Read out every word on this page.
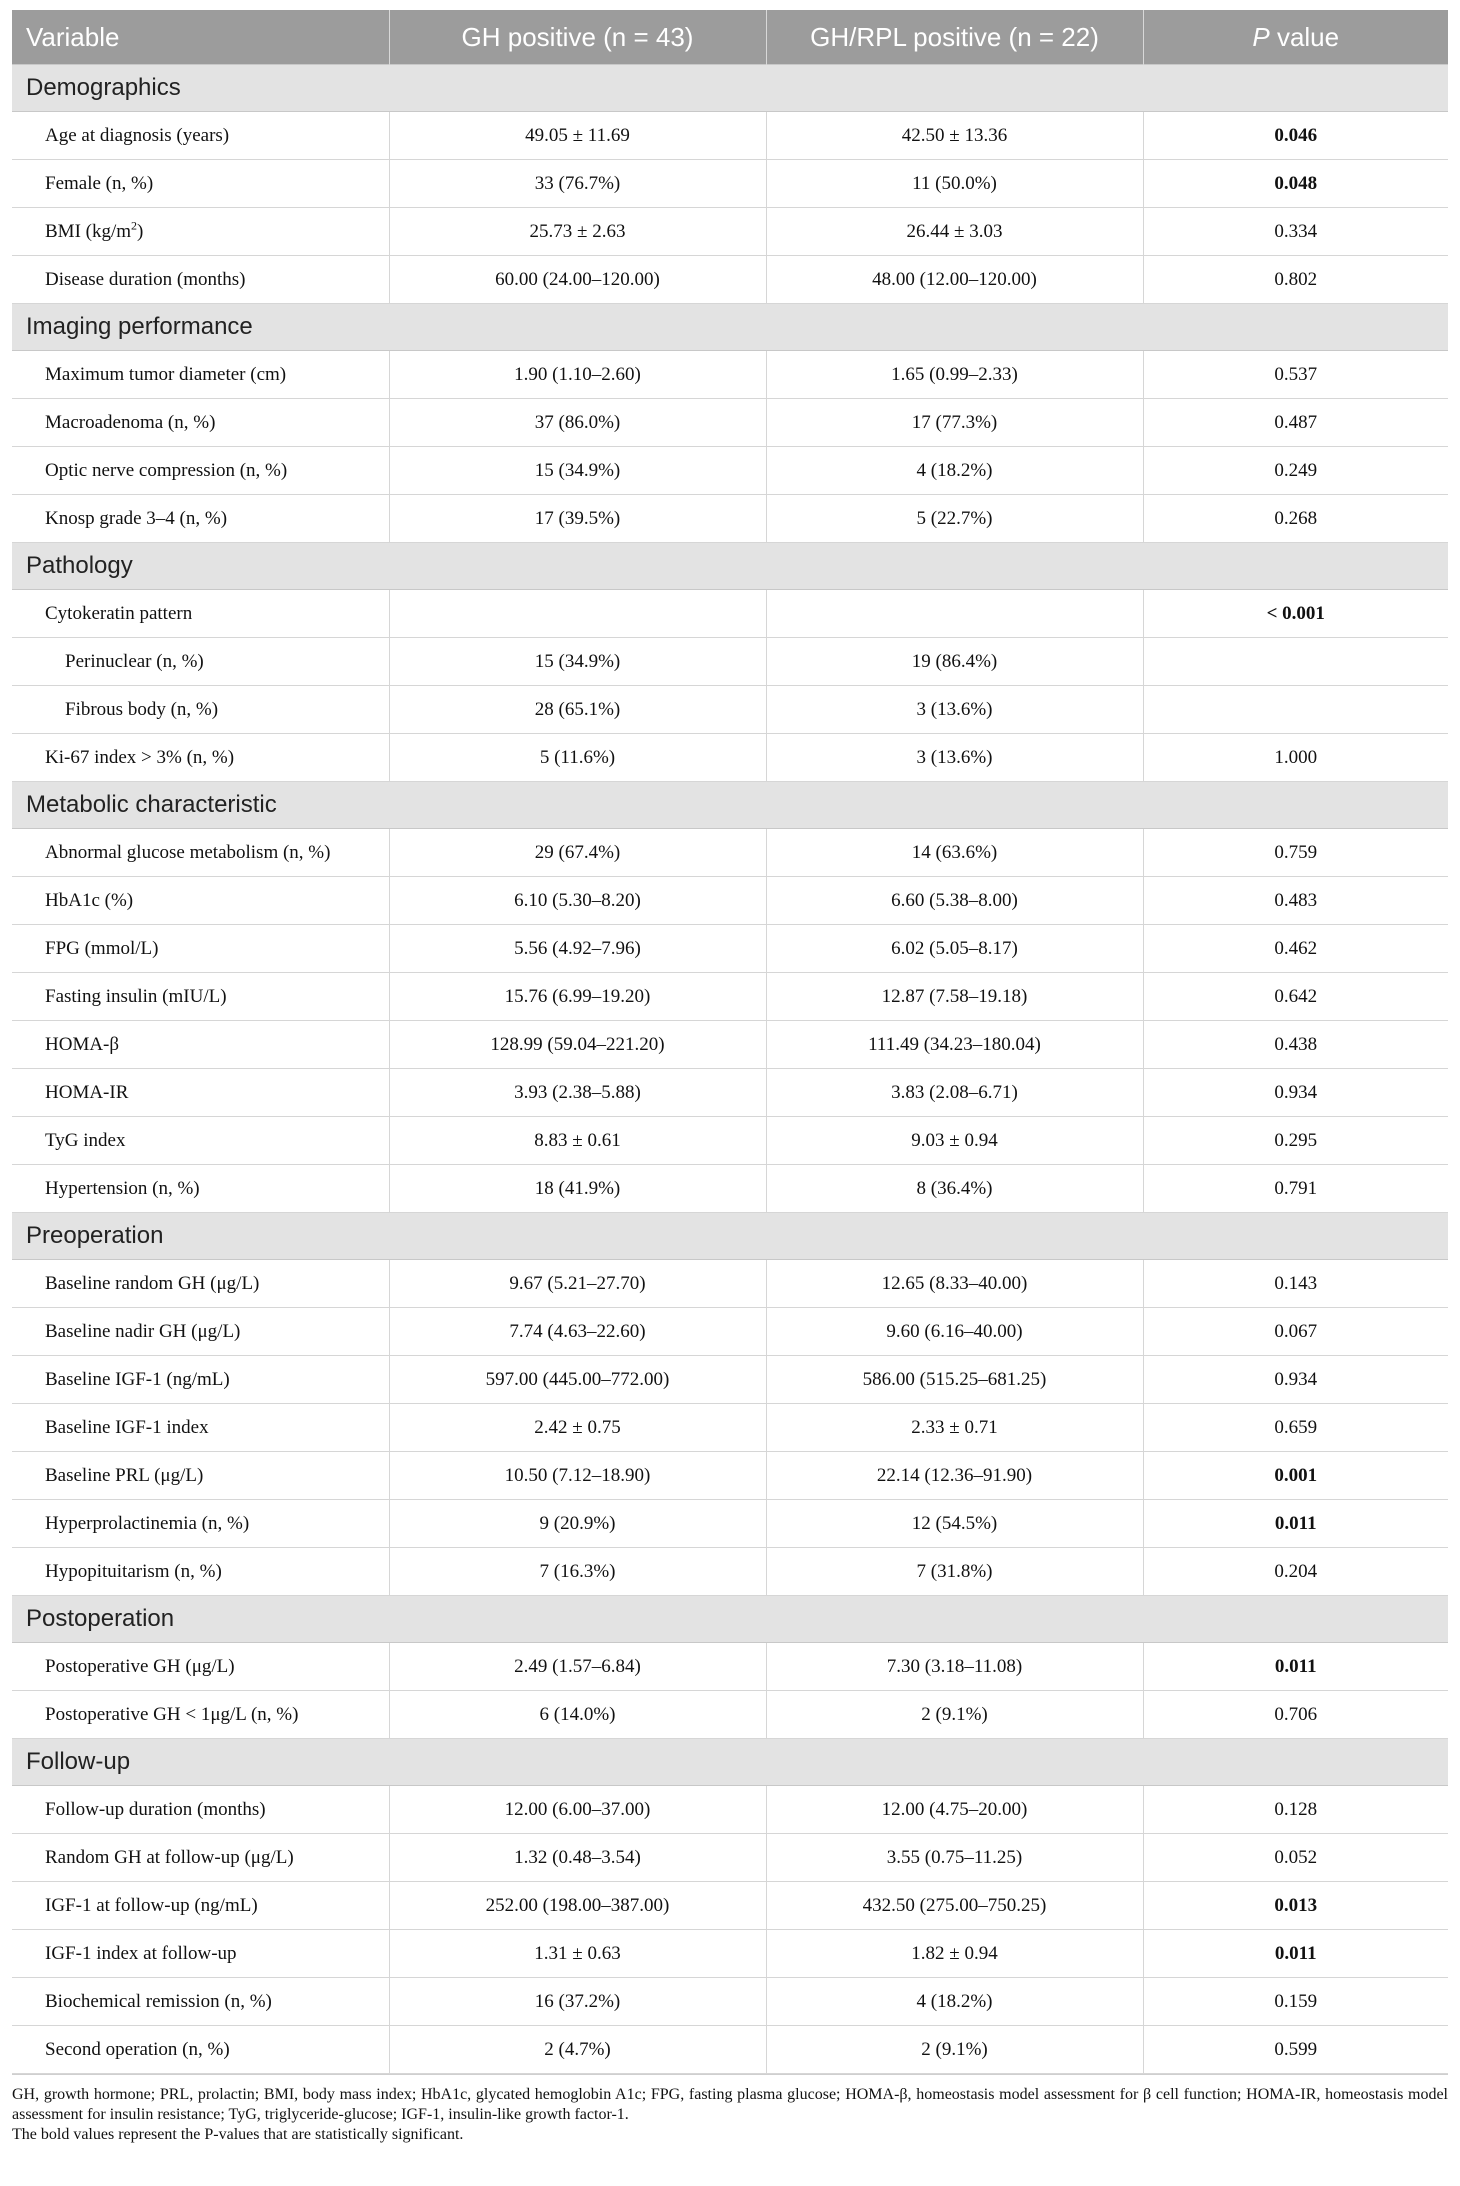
Variable	GH positive (n = 43)	GH/RPL positive (n = 22)	P value
Demographics			
Age at diagnosis (years)	49.05 ± 11.69	42.50 ± 13.36	0.046
Female (n, %)	33 (76.7%)	11 (50.0%)	0.048
BMI $(kg/m^2)$	25.73 ± 2.63	26.44 ± 3.03	0.334
Disease duration (months)	60.00 (24.00–120.00)	48.00 (12.00–120.00)	0.802
Imaging performance			
Maximum tumor diameter (cm)	1.90 (1.10–2.60)	1.65 (0.99–2.33)	0.537
Macroadenoma (n, %)	37 (86.0%)	17 (77.3%)	0.487
Optic nerve compression (n, %)	15 (34.9%)	4 (18.2%)	0.249
Knosp grade 3–4 (n, %)	17 (39.5%)	5 (22.7%)	0.268
Pathology			
Cytokeratin pattern			< 0.001
Perinuclear (n, %)	15 (34.9%)	19 (86.4%)	
Fibrous body (n, %)	28 (65.1%)	3 (13.6%)	
Ki-67 index > 3% (n, %)	5 (11.6%)	3 (13.6%)	1.000
Metabolic characteristic			
Abnormal glucose metabolism (n, %)	29 (67.4%)	14 (63.6%)	0.759
HbA1c (%)	6.10 (5.30–8.20)	6.60 (5.38–8.00)	0.483
FPG (mmol/L)	5.56 (4.92–7.96)	6.02 (5.05–8.17)	0.462
Fasting insulin (mIU/L)	15.76 (6.99–19.20)	12.87 (7.58–19.18)	0.642
HOMA-β	128.99 (59.04–221.20)	111.49 (34.23–180.04)	0.438
HOMA-IR	3.93 (2.38–5.88)	3.83 (2.08–6.71)	0.934
TyG index	8.83 ± 0.61	9.03 ± 0.94	0.295
Hypertension (n, %)	18 (41.9%)	8 (36.4%)	0.791
Preoperation			
Baseline random GH (μg/L)	9.67 (5.21–27.70)	12.65 (8.33–40.00)	0.143
Baseline nadir GH (μg/L)	7.74 (4.63–22.60)	9.60 (6.16–40.00)	0.067
Baseline IGF-1 (ng/mL)	597.00 (445.00–772.00)	586.00 (515.25–681.25)	0.934
Baseline IGF-1 index	2.42 ± 0.75	2.33 ± 0.71	0.659
Baseline PRL (μg/L)	10.50 (7.12–18.90)	22.14 (12.36–91.90)	0.001
Hyperprolactinemia (n, %)	9 (20.9%)	12 (54.5%)	0.011
Hypopituitarism (n, %)	7 (16.3%)	7 (31.8%)	0.204
Postoperation			
Postoperative GH (μg/L)	2.49 (1.57–6.84)	7.30 (3.18–11.08)	0.011
Postoperative GH < 1μg/L (n, %)	6 (14.0%)	2 (9.1%)	0.706
Follow-up			
Follow-up duration (months)	12.00 (6.00–37.00)	12.00 (4.75–20.00)	0.128
Random GH at follow-up (μg/L)	1.32 (0.48–3.54)	3.55 (0.75–11.25)	0.052
IGF-1 at follow-up (ng/mL)	252.00 (198.00–387.00)	432.50 (275.00–750.25)	0.013
IGF-1 index at follow-up	1.31 ± 0.63	1.82 ± 0.94	0.011
Biochemical remission (n, %)	16 (37.2%)	4 (18.2%)	0.159
Second operation (n, %)	2 (4.7%)	2 (9.1%)	0.599
GH, growth hormone; PRL, prolactin; BMI, body mass index; HbA1c, glycated hemoglobin A1c; FPG, fasting plasma glucose; HOMA-β, homeostasis model assessment for β cell function; HOMA-IR, homeostasis model assessment for insulin resistance; TyG, triglyceride-glucose; IGF-1, insulin-like growth factor-1.
The bold values represent the P-values that are statistically significant.
